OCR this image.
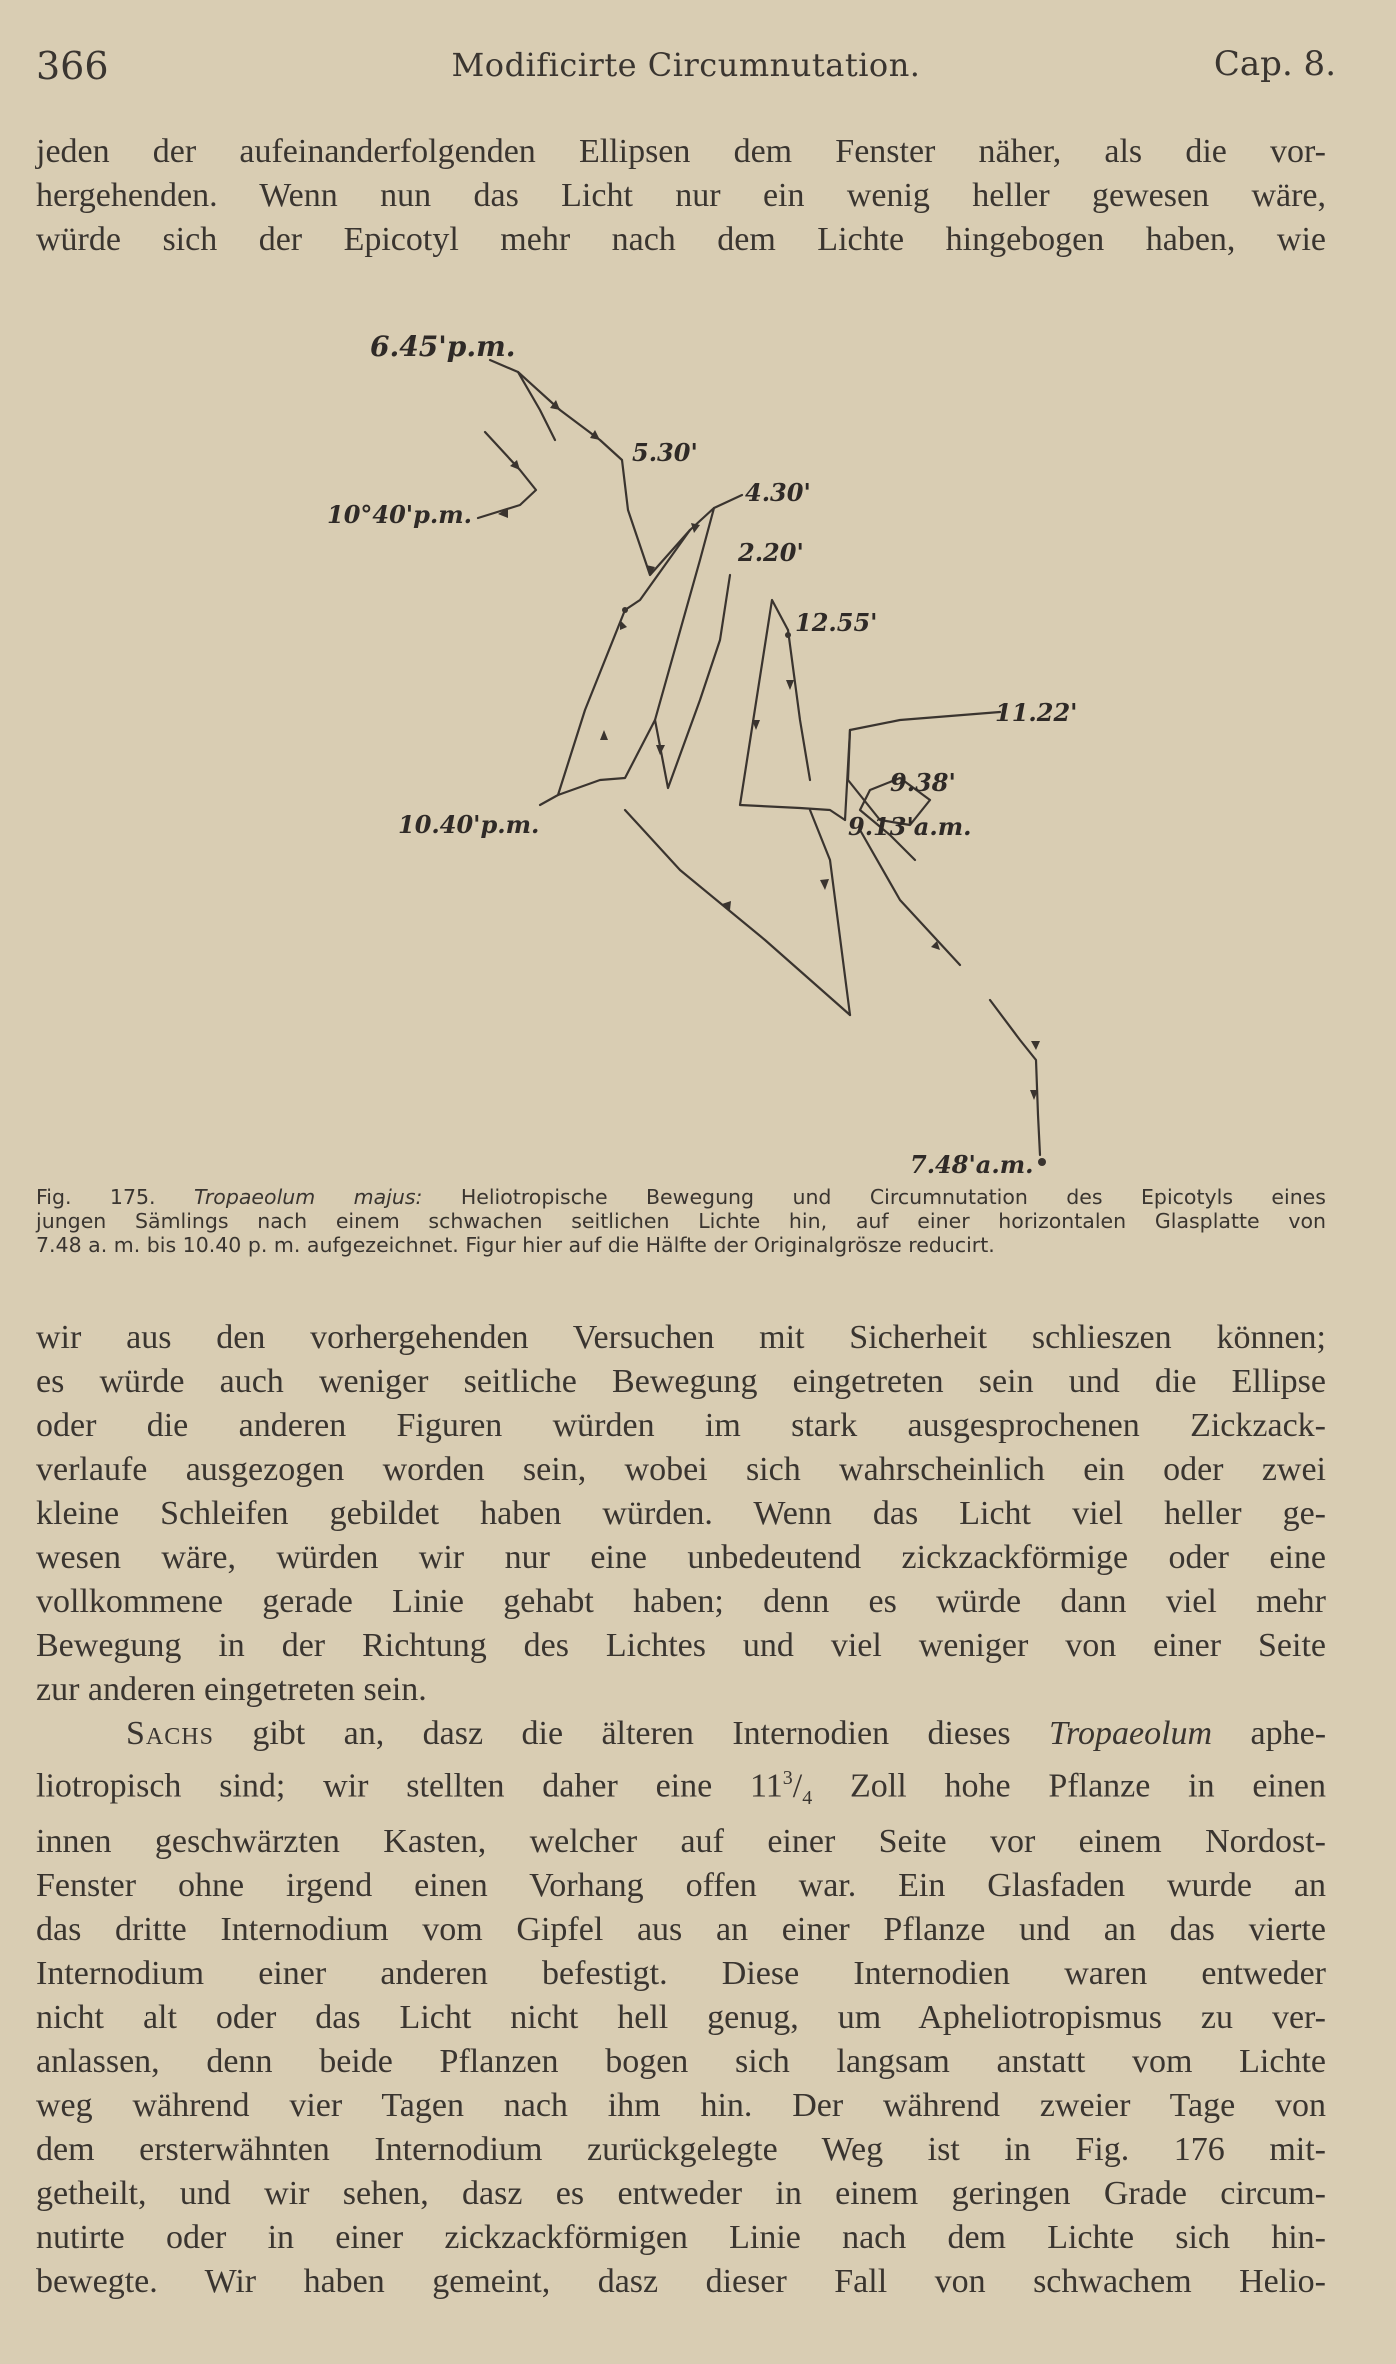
366	Modificirte Circumnutation.	Cap. 8.
jeden der aufeinanderfolgenden Ellipsen dem Fenster näher, als die vor-
hergehenden. Wenn nun das Licht nur ein wenig heller gewesen wäre,
würde sich der Epicotyl mehr nach dem Lichte hingebogen haben, wie
6.45'p.m.
5.30'
10°40'p.m.
4.30'
2.20'
12.55'
11.22'
9.38'
10.40'p.m.	9.13'a.m.
7.48'a.m.
Fig. 175. Tropaeolum majus: Heliotropische Bewegung und Circumnutation des Epicotyls eines
jungen Sämlings nach einem schwachen seitlichen Lichte hin, auf einer horizontalen Glasplatte von
7.48 a. m. bis 10.40 p. m. aufgezeichnet. Figur hier auf die Hälfte der Originalgrösze reducirt.
wir aus den vorhergehenden Versuchen mit Sicherheit schlieszen können;
es würde auch weniger seitliche Bewegung eingetreten sein und die Ellipse
oder die anderen Figuren würden im stark ausgesprochenen Zickzack-
verlaufe ausgezogen worden sein, wobei sich wahrscheinlich ein oder zwei
kleine Schleifen gebildet haben würden. Wenn das Licht viel heller ge-
wesen wäre, würden wir nur eine unbedeutend zickzackförmige oder eine
vollkommene gerade Linie gehabt haben; denn es würde dann viel mehr
Bewegung in der Richtung des Lichtes und viel weniger von einer Seite
zur anderen eingetreten sein.
Sachs gibt an, dasz die älteren Internodien dieses Tropaeolum aphe-
liotropisch sind; wir stellten daher eine $11^3/_4$ Zoll hohe Pflanze in einen
innen geschwärzten Kasten, welcher auf einer Seite vor einem Nordost-
Fenster ohne irgend einen Vorhang offen war. Ein Glasfaden wurde an
das dritte Internodium vom Gipfel aus an einer Pflanze und an das vierte
Internodium einer anderen befestigt. Diese Internodien waren entweder
nicht alt oder das Licht nicht hell genug, um Apheliotropismus zu ver-
anlassen, denn beide Pflanzen bogen sich langsam anstatt vom Lichte
weg während vier Tagen nach ihm hin. Der während zweier Tage von
dem ersterwähnten Internodium zurückgelegte Weg ist in Fig. 176 mit-
getheilt, und wir sehen, dasz es entweder in einem geringen Grade circum-
nutirte oder in einer zickzackförmigen Linie nach dem Lichte sich hin-
bewegte. Wir haben gemeint, dasz dieser Fall von schwachem Helio-
